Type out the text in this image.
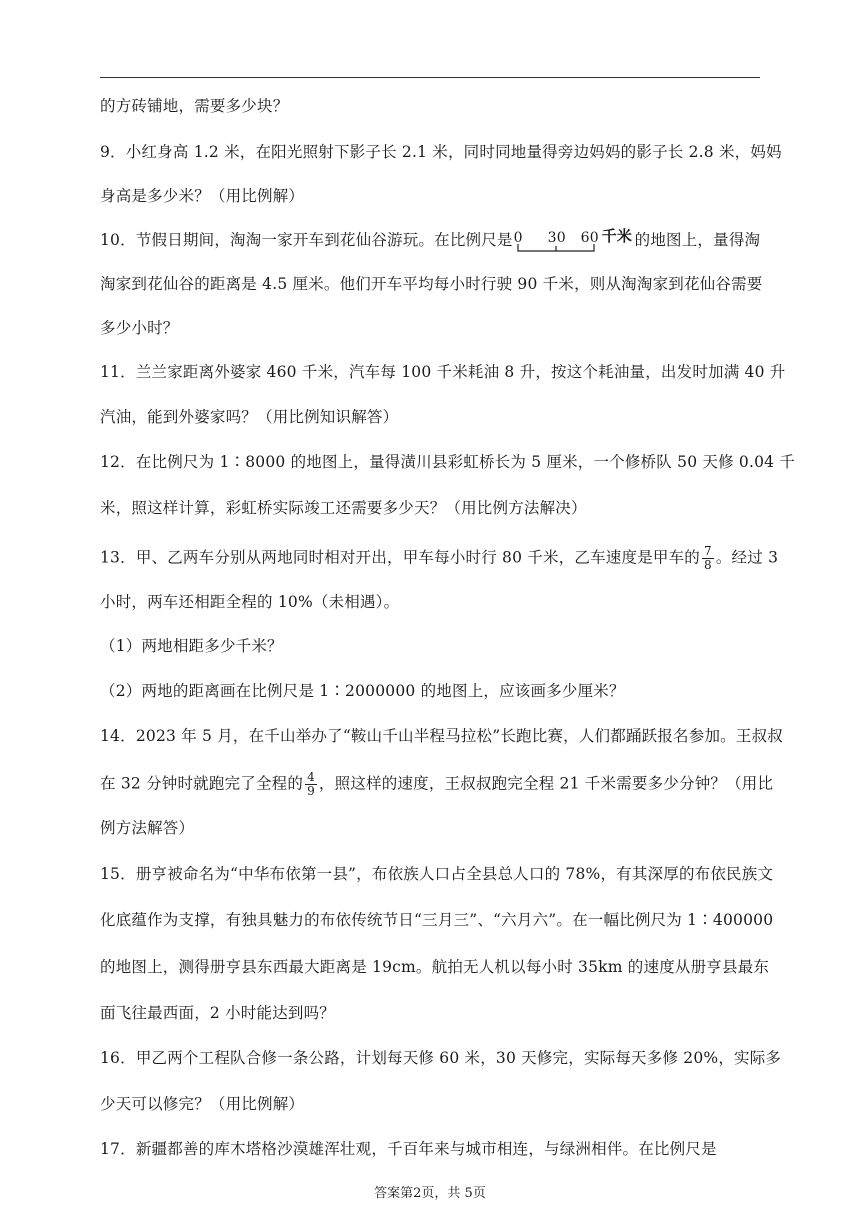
的方砖铺地，需要多少块？
9．小红身高 1.2 米，在阳光照射下影子长 2.1 米，同时同地量得旁边妈妈的影子长 2.8 米，妈妈
身高是多少米？（用比例解）
10．节假日期间，淘淘一家开车到花仙谷游玩。在比例尺是 0 30 60 千米 的地图上，量得淘
淘家到花仙谷的距离是 4.5 厘米。他们开车平均每小时行驶 90 千米，则从淘淘家到花仙谷需要
多少小时？
11．兰兰家距离外婆家 460 千米，汽车每 100 千米耗油 8 升，按这个耗油量，出发时加满 40 升
汽油，能到外婆家吗？（用比例知识解答）
12．在比例尺为 1∶8000 的地图上，量得潢川县彩虹桥长为 5 厘米，一个修桥队 50 天修 0.04 千
米，照这样计算，彩虹桥实际竣工还需要多少天？（用比例方法解决）
13．甲、乙两车分别从两地同时相对开出，甲车每小时行 80 千米，乙车速度是甲车的 $\frac{7}{8}$ 。经过 3
小时，两车还相距全程的 10%（未相遇）。
（1）两地相距多少千米？
（2）两地的距离画在比例尺是 1∶2000000 的地图上，应该画多少厘米？
14．2023 年 5 月，在千山举办了“鞍山千山半程马拉松”长跑比赛，人们都踊跃报名参加。王叔叔
在 32 分钟时就跑完了全程的 $\frac{4}{9}$ ，照这样的速度，王叔叔跑完全程 21 千米需要多少分钟？（用比
例方法解答）
15．册亨被命名为“中华布依第一县”，布依族人口占全县总人口的 78%，有其深厚的布依民族文
化底蕴作为支撑，有独具魅力的布依传统节日“三月三”、“六月六”。在一幅比例尺为 1∶400000
的地图上，测得册亨县东西最大距离是 19cm。航拍无人机以每小时 35km 的速度从册亨县最东
面飞往最西面，2 小时能达到吗？
16．甲乙两个工程队合修一条公路，计划每天修 60 米，30 天修完，实际每天多修 20%，实际多
少天可以修完？（用比例解）
17．新疆都善的库木塔格沙漠雄浑壮观，千百年来与城市相连，与绿洲相伴。在比例尺是
答案第2页，共 5页
